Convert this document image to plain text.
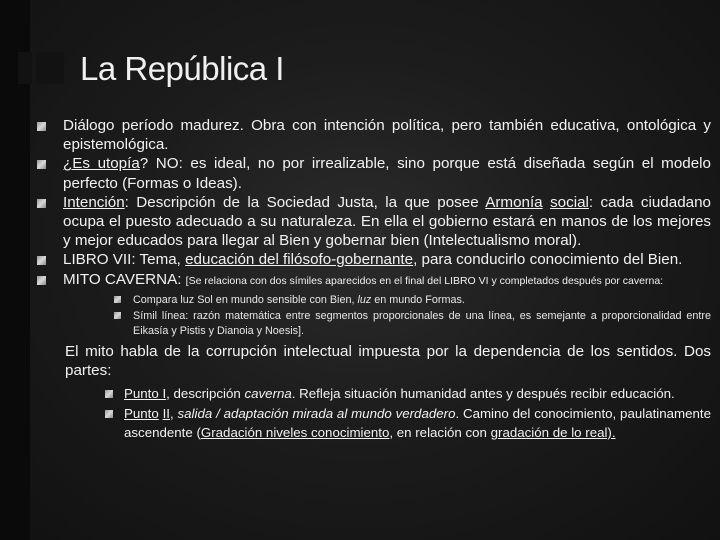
La República I

Diálogo período madurez. Obra con intención política, pero también educativa, ontológica y epistemológica.

¿Es utopía? NO: es ideal, no por irrealizable, sino porque está diseñada según el modelo perfecto (Formas o Ideas).

Intención: Descripción de la Sociedad Justa, la que posee Armonía social: cada ciudadano ocupa el puesto adecuado a su naturaleza. En ella el gobierno estará en manos de los mejores y mejor educados para llegar al Bien y gobernar bien (Intelectualismo moral).

LIBRO VII: Tema, educación del filósofo-gobernante, para conducirlo conocimiento del Bien.

MITO CAVERNA: [Se relaciona con dos símiles aparecidos en el final del LIBRO VI y completados después por caverna:

Compara luz Sol en mundo sensible con Bien, luz en mundo Formas.

Símil línea: razón matemática entre segmentos proporcionales de una línea, es semejante a proporcionalidad entre Eikasía y Pistis y Dianoia y Noesis].

El mito habla de la corrupción intelectual impuesta por la dependencia de los sentidos. Dos partes:

Punto I, descripción caverna. Refleja situación humanidad antes y después recibir educación.

Punto II, salida / adaptación mirada al mundo verdadero. Camino del conocimiento, paulatinamente ascendente (Gradación niveles conocimiento, en relación con gradación de lo real).
